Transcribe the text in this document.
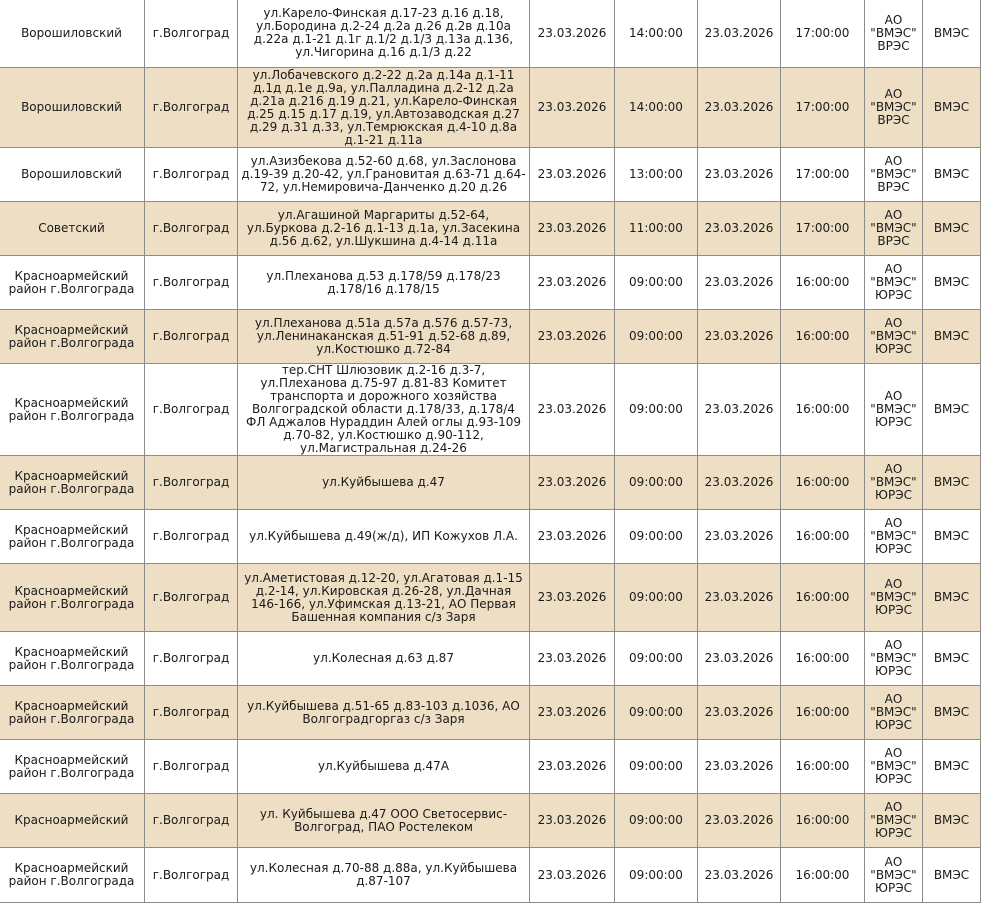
Ворошиловский	г.Волгоград	ул.Карело-Финская д.17-23 д.16 д.18, ул.Бородина д.2-24 д.2а д.26 д.2в д.10а д.22а д.1-21 д.1г д.1/2 д.1/3 д.13а д.136, ул.Чигорина д.16 д.1/3 д.22	23.03.2026	14:00:00	23.03.2026	17:00:00	АО "ВМЭС" ВРЭС	ВМЭС
Ворошиловский	г.Волгоград	ул.Лобачевского д.2-22 д.2а д.14а д.1-11 д.1д д.1е д.9а, ул.Палладина д.2-12 д.2а д.21а д.216 д.19 д.21, ул.Карело-Финская д.25 д.15 д.17 д.19, ул.Автозаводская д.27 д.29 д.31 д.33, ул.Темрюкская д.4-10 д.8а д.1-21 д.11а	23.03.2026	14:00:00	23.03.2026	17:00:00	АО "ВМЭС" ВРЭС	ВМЭС
Ворошиловский	г.Волгоград	ул.Азизбекова д.52-60 д.68, ул.Заслонова д.19-39 д.20-42, ул.Грановитая д.63-71 д.64-72, ул.Немировича-Данченко д.20 д.26	23.03.2026	13:00:00	23.03.2026	17:00:00	АО "ВМЭС" ВРЭС	ВМЭС
Советский	г.Волгоград	ул.Агашиной Маргариты д.52-64, ул.Буркова д.2-16 д.1-13 д.1а, ул.Засекина д.56 д.62, ул.Шукшина д.4-14 д.11а	23.03.2026	11:00:00	23.03.2026	17:00:00	АО "ВМЭС" ВРЭС	ВМЭС
Красноармейский район г.Волгограда	г.Волгоград	ул.Плеханова д.53 д.178/59 д.178/23 д.178/16 д.178/15	23.03.2026	09:00:00	23.03.2026	16:00:00	АО "ВМЭС" ЮРЭС	ВМЭС
Красноармейский район г.Волгограда	г.Волгоград	ул.Плеханова д.51а д.57а д.576 д.57-73, ул.Ленинаканская д.51-91 д.52-68 д.89, ул.Костюшко д.72-84	23.03.2026	09:00:00	23.03.2026	16:00:00	АО "ВМЭС" ЮРЭС	ВМЭС
Красноармейский район г.Волгограда	г.Волгоград	тер.СНТ Шлюзовик д.2-16 д.3-7, ул.Плеханова д.75-97 д.81-83 Комитет транспорта и дорожного хозяйства Волгоградской области д.178/33, д.178/4 ФЛ Аджалов Нураддин Алей оглы д.93-109 д.70-82, ул.Костюшко д.90-112, ул.Магистральная д.24-26	23.03.2026	09:00:00	23.03.2026	16:00:00	АО "ВМЭС" ЮРЭС	ВМЭС
Красноармейский район г.Волгограда	г.Волгоград	ул.Куйбышева д.47	23.03.2026	09:00:00	23.03.2026	16:00:00	АО "ВМЭС" ЮРЭС	ВМЭС
Красноармейский район г.Волгограда	г.Волгоград	ул.Куйбышева д.49(ж/д), ИП Кожухов Л.А.	23.03.2026	09:00:00	23.03.2026	16:00:00	АО "ВМЭС" ЮРЭС	ВМЭС
Красноармейский район г.Волгограда	г.Волгоград	ул.Аметистовая д.12-20, ул.Агатовая д.1-15 д.2-14, ул.Кировская д.26-28, ул.Дачная 146-166, ул.Уфимская д.13-21, АО Первая Башенная компания с/з Заря	23.03.2026	09:00:00	23.03.2026	16:00:00	АО "ВМЭС" ЮРЭС	ВМЭС
Красноармейский район г.Волгограда	г.Волгоград	ул.Колесная д.63 д.87	23.03.2026	09:00:00	23.03.2026	16:00:00	АО "ВМЭС" ЮРЭС	ВМЭС
Красноармейский район г.Волгограда	г.Волгоград	ул.Куйбышева д.51-65 д.83-103 д.1036, АО Волгоградгоргаз с/з Заря	23.03.2026	09:00:00	23.03.2026	16:00:00	АО "ВМЭС" ЮРЭС	ВМЭС
Красноармейский район г.Волгограда	г.Волгоград	ул.Куйбышева д.47А	23.03.2026	09:00:00	23.03.2026	16:00:00	АО "ВМЭС" ЮРЭС	ВМЭС
Красноармейский	г.Волгоград	ул. Куйбышева д.47 ООО Светосервис-Волгоград, ПАО Ростелеком	23.03.2026	09:00:00	23.03.2026	16:00:00	АО "ВМЭС" ЮРЭС	ВМЭС
Красноармейский район г.Волгограда	г.Волгоград	ул.Колесная д.70-88 д.88а, ул.Куйбышева д.87-107	23.03.2026	09:00:00	23.03.2026	16:00:00	АО "ВМЭС" ЮРЭС	ВМЭС
